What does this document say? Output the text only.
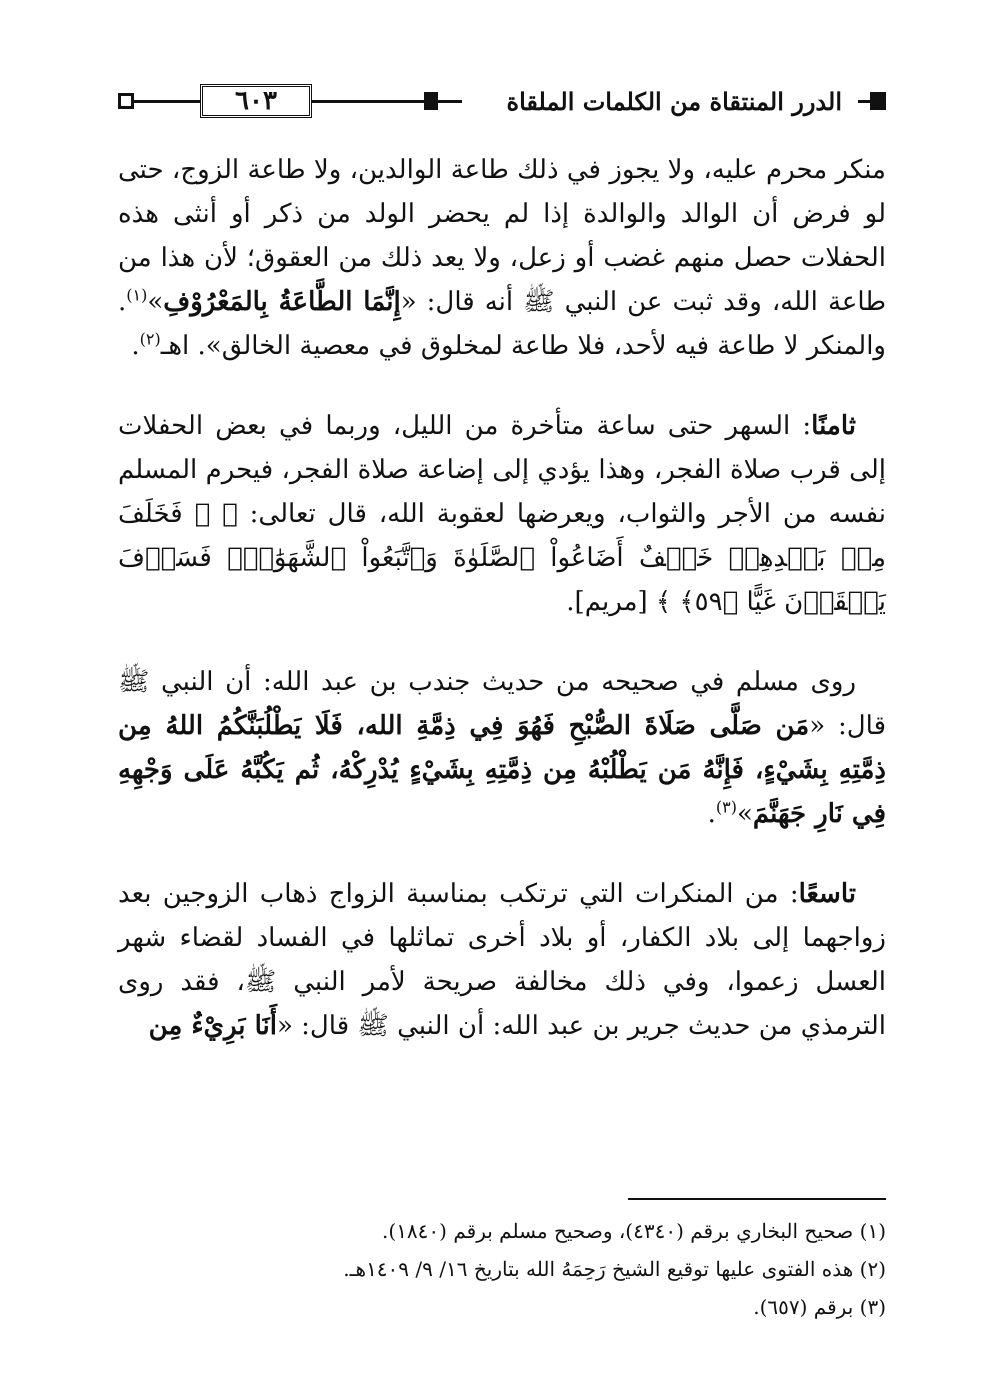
٦٠٣	الدرر المنتقاة من الكلمات الملقاة

منكر محرم عليه، ولا يجوز في ذلك طاعة الوالدين، ولا طاعة الزوج، حتى لو فرض أن الوالد والوالدة إذا لم يحضر الولد من ذكر أو أنثى هذه الحفلات حصل منهم غضب أو زعل، ولا يعد ذلك من العقوق؛ لأن هذا من طاعة الله، وقد ثبت عن النبي ﷺ أنه قال: «إِنَّمَا الطَّاعَةُ بِالمَعْرُوْفِ»$^{(١)}$. والمنكر لا طاعة فيه لأحد، فلا طاعة لمخلوق في معصية الخالق». اهـ$^{(٢)}$.

ثامنًا: السهر حتى ساعة متأخرة من الليل، وربما في بعض الحفلات إلى قرب صلاة الفجر، وهذا يؤدي إلى إضاعة صلاة الفجر، فيحرم المسلم نفسه من الأجر والثواب، ويعرضها لعقوبة الله، قال تعالى: ﴿ ۞ فَخَلَفَ مِنۢ بَعۡدِهِمۡ خَلۡفٌ أَضَاعُواْ ٱلصَّلَوٰةَ وَٱتَّبَعُواْ ٱلشَّهَوَٰتِۖ فَسَوۡفَ يَلۡقَوۡنَ غَيًّا ﴿٥٩﴾ ﴾ [مريم].

روى مسلم في صحيحه من حديث جندب بن عبد الله: أن النبي ﷺ قال: «مَن صَلَّى صَلَاةَ الصُّبْحِ فَهُوَ فِي ذِمَّةِ الله، فَلَا يَطْلُبَنَّكُمُ اللهُ مِن ذِمَّتِهِ بِشَيْءٍ، فَإِنَّهُ مَن يَطْلُبْهُ مِن ذِمَّتِهِ بِشَيْءٍ يُدْرِكْهُ، ثُم يَكُبَّهُ عَلَى وَجْهِهِ فِي نَارِ جَهَنَّمَ»$^{(٣)}$.

تاسعًا: من المنكرات التي ترتكب بمناسبة الزواج ذهاب الزوجين بعد زواجهما إلى بلاد الكفار، أو بلاد أخرى تماثلها في الفساد لقضاء شهر العسل زعموا، وفي ذلك مخالفة صريحة لأمر النبي ﷺ، فقد روى الترمذي من حديث جرير بن عبد الله: أن النبي ﷺ قال: «أَنَا بَرِيْءٌ مِن

(١) صحيح البخاري برقم (٤٣٤٠)، وصحيح مسلم برقم (١٨٤٠).
(٢) هذه الفتوى عليها توقيع الشيخ رَحِمَهُ الله بتاريخ ١٦/ ٩/ ١٤٠٩هـ.
(٣) برقم (٦٥٧).
